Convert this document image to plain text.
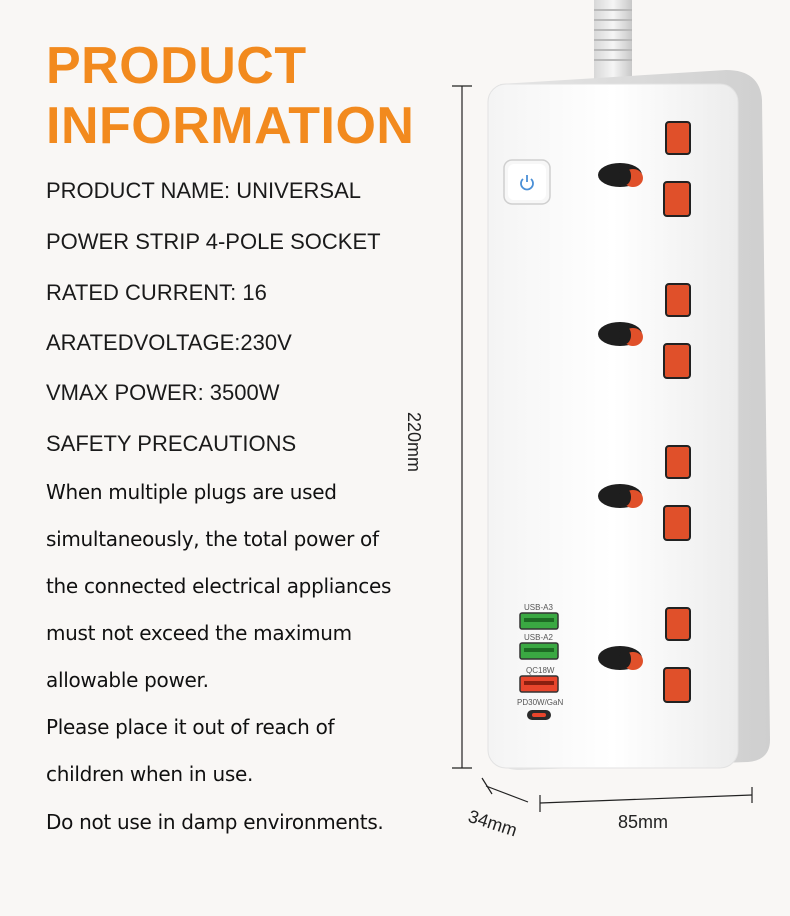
PRODUCT
INFORMATION
PRODUCT NAME: UNIVERSAL
POWER STRIP 4-POLE SOCKET
RATED CURRENT: 16
ARATEDVOLTAGE:230V
VMAX POWER: 3500W
SAFETY PRECAUTIONS
When multiple plugs are used
simultaneously, the total power of
the connected electrical appliances
must not exceed the maximum
allowable power.
Please place it out of reach of
children when in use.
Do not use in damp environments.
USB-A3
USB-A2
QC18W
PD30W/GaN
220mm
85mm
34mm
